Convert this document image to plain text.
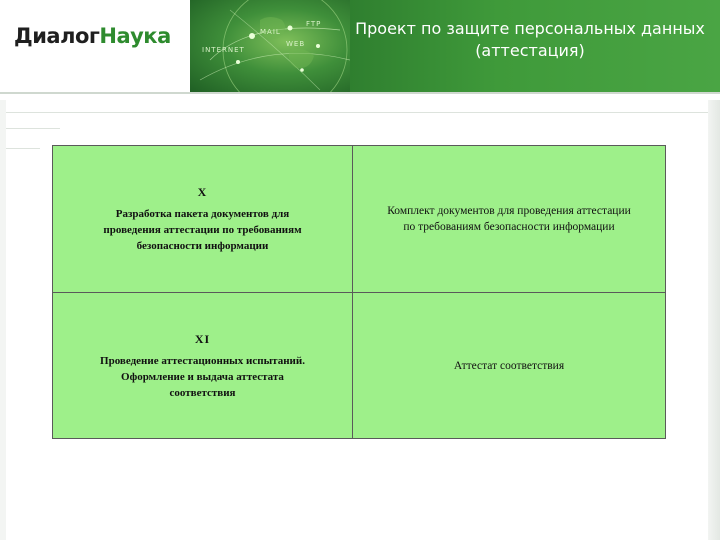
ДиалогНаука	MAIL
WEB
INTERNET
FTP	Проект по защите персональных данных (аттестация)
X
Разработка пакета документов для
проведения аттестации по требованиям
безопасности информации
Комплект документов для проведения аттестации
по требованиям безопасности информации
XI
Проведение аттестационных испытаний.
Оформление и выдача аттестата
соответствия
Аттестат соответствия
